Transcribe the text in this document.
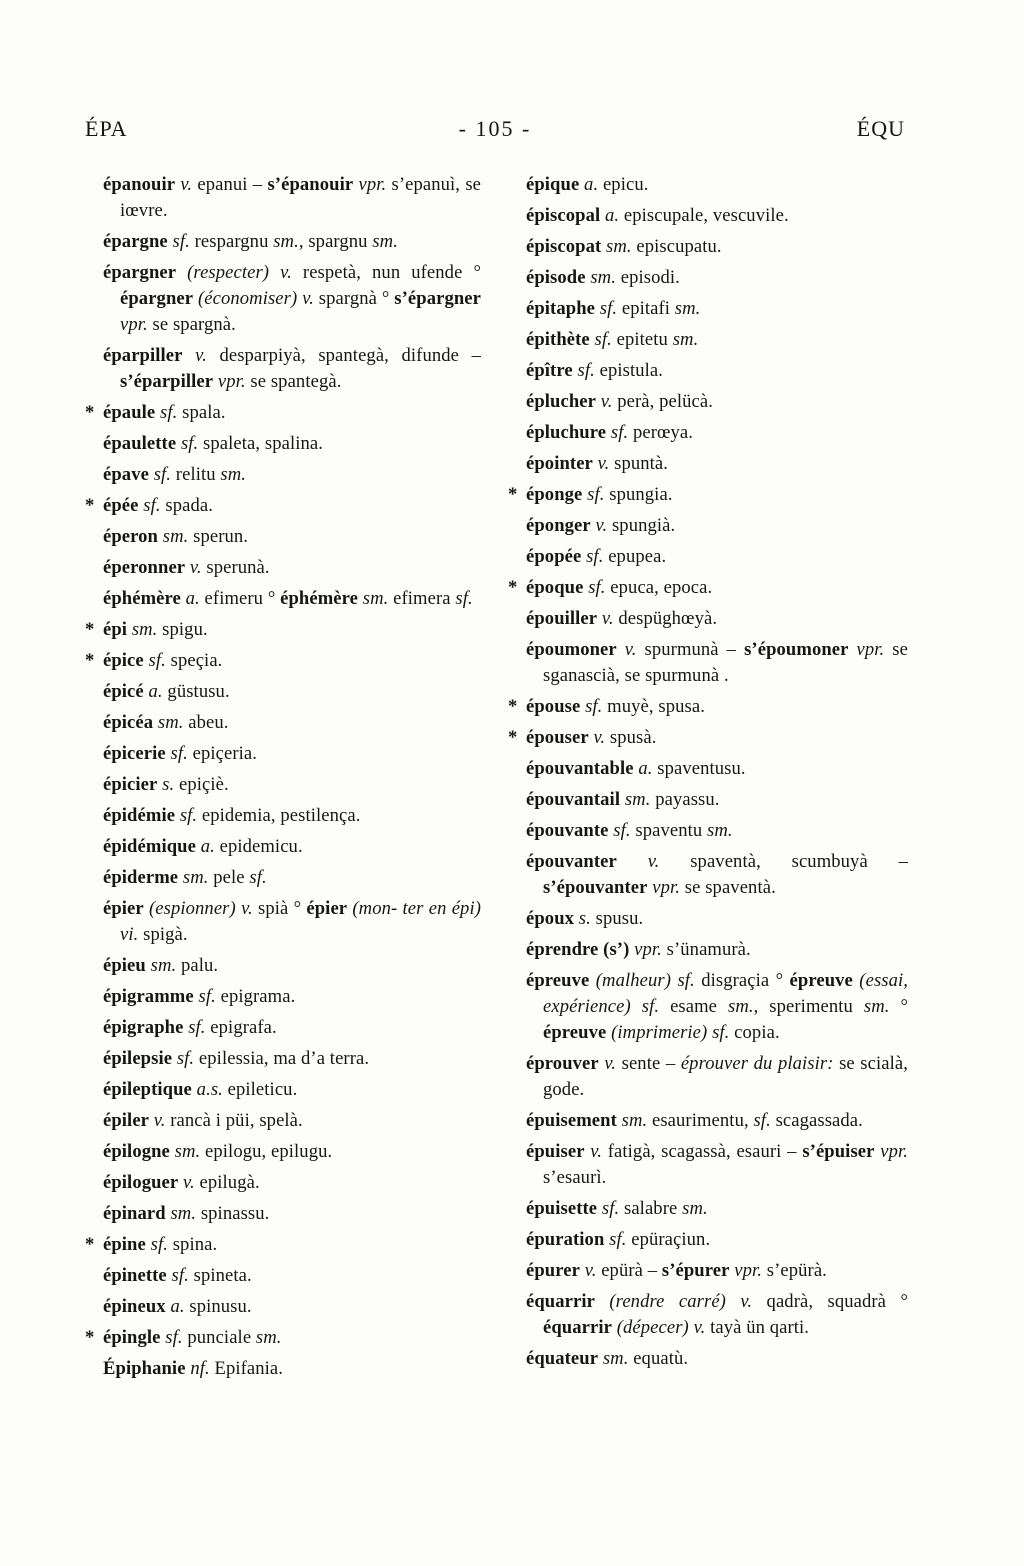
ÉPA	- 105 -	ÉQU
épanouir v. epanui – s’épanouir vpr. s’epanuì, se iœvre.
épargne sf. respargnu sm., spargnu sm.
épargner (respecter) v. respetà, nun ufende ° épargner (économiser) v. spargnà ° s’épargner vpr. se spargnà.
éparpiller v. desparpiyà, spantegà, difunde – s’éparpiller vpr. se spantegà.
* épaule sf. spala.
épaulette sf. spaleta, spalina.
épave sf. relitu sm.
* épée sf. spada.
éperon sm. sperun.
éperonner v. sperunà.
éphémère a. efimeru ° éphémère sm. efimera sf.
* épi sm. spigu.
* épice sf. speçia.
épicé a. güstusu.
épicéa sm. abeu.
épicerie sf. epiçeria.
épicier s. epiçiè.
épidémie sf. epidemia, pestilença.
épidémique a. epidemicu.
épiderme sm. pele sf.
épier (espionner) v. spià ° épier (mon- ter en épi) vi. spigà.
épieu sm. palu.
épigramme sf. epigrama.
épigraphe sf. epigrafa.
épilepsie sf. epilessia, ma d’a terra.
épileptique a.s. epileticu.
épiler v. rancà i püi, spelà.
épilogne sm. epilogu, epilugu.
épiloguer v. epilugà.
épinard sm. spinassu.
* épine sf. spina.
épinette sf. spineta.
épineux a. spinusu.
* épingle sf. punciale sm.
Épiphanie nf. Epifania.
épique a. epicu.
épiscopal a. episcupale, vescuvile.
épiscopat sm. episcupatu.
épisode sm. episodi.
épitaphe sf. epitafi sm.
épithète sf. epitetu sm.
épître sf. epistula.
éplucher v. perà, pelücà.
épluchure sf. perœya.
épointer v. spuntà.
* éponge sf. spungia.
éponger v. spungià.
épopée sf. epupea.
* époque sf. epuca, epoca.
épouiller v. despüghœyà.
époumoner v. spurmunà – s’époumoner vpr. se sganascià, se spurmunà .
* épouse sf. muyè, spusa.
* épouser v. spusà.
épouvantable a. spaventusu.
épouvantail sm. payassu.
épouvante sf. spaventu sm.
épouvanter v. spaventà, scumbuyà – s’épouvanter vpr. se spaventà.
époux s. spusu.
éprendre (s’) vpr. s’ünamurà.
épreuve (malheur) sf. disgraçia ° épreuve (essai, expérience) sf. esame sm., sperimentu sm. ° épreuve (imprimerie) sf. copia.
éprouver v. sente – éprouver du plaisir: se scialà, gode.
épuisement sm. esaurimentu, sf. scagassada.
épuiser v. fatigà, scagassà, esauri – s’épuiser vpr. s’esaurì.
épuisette sf. salabre sm.
épuration sf. epüraçiun.
épurer v. epürà – s’épurer vpr. s’epürà.
équarrir (rendre carré) v. qadrà, squadrà ° équarrir (dépecer) v. tayà ün qarti.
équateur sm. equatù.
